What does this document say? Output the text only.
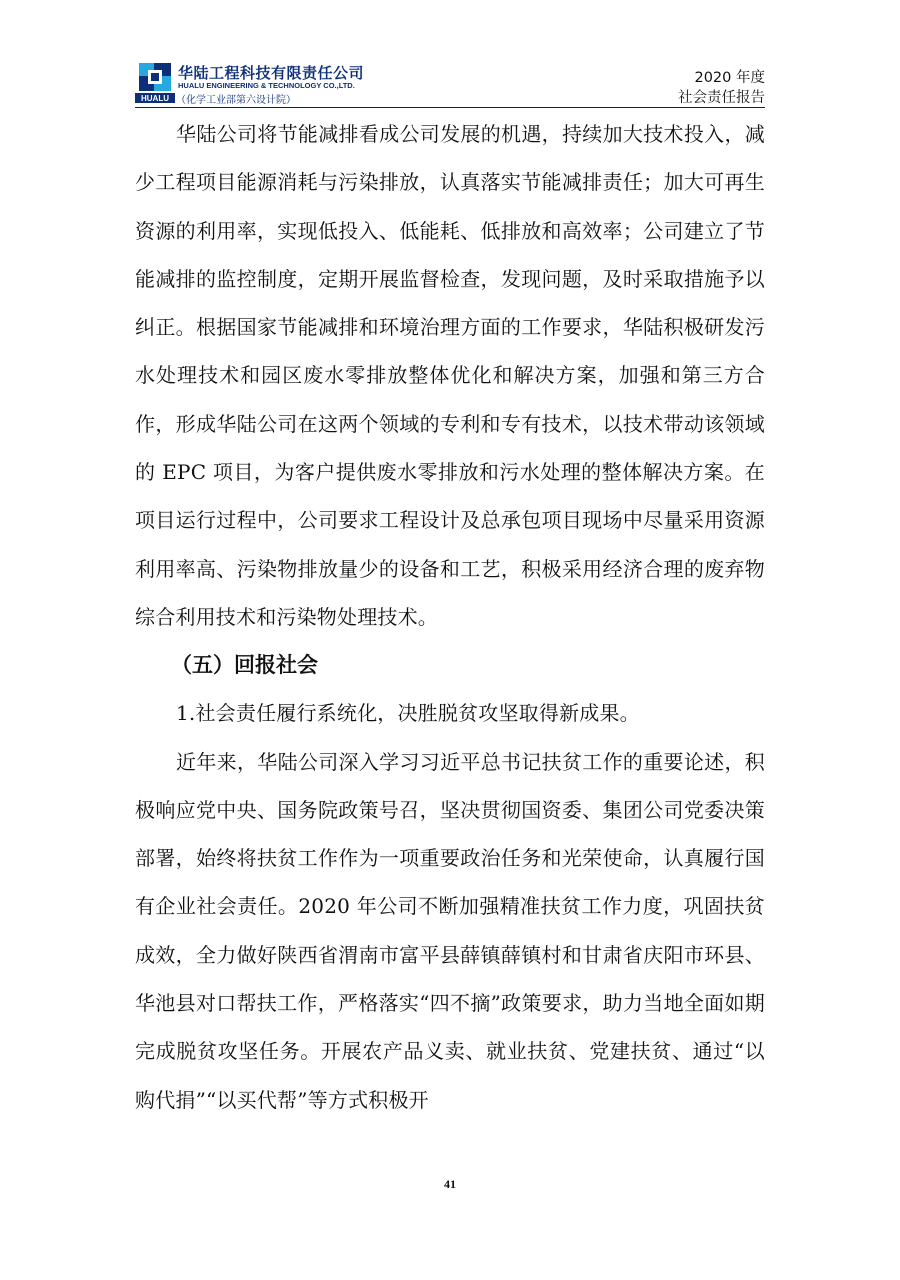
HUALU
华陆工程科技有限责任公司
HUALU ENGINEERING & TECHNOLOGY CO.,LTD.
（化学工业部第六设计院）
2020 年度
社会责任报告

华陆公司将节能减排看成公司发展的机遇，持续加大技术投入，减少工程项目能源消耗与污染排放，认真落实节能减排责任；加大可再生资源的利用率，实现低投入、低能耗、低排放和高效率；公司建立了节能减排的监控制度，定期开展监督检查，发现问题，及时采取措施予以纠正。根据国家节能减排和环境治理方面的工作要求，华陆积极研发污水处理技术和园区废水零排放整体优化和解决方案，加强和第三方合作，形成华陆公司在这两个领域的专利和专有技术，以技术带动该领域的 EPC 项目，为客户提供废水零排放和污水处理的整体解决方案。在项目运行过程中，公司要求工程设计及总承包项目现场中尽量采用资源利用率高、污染物排放量少的设备和工艺，积极采用经济合理的废弃物综合利用技术和污染物处理技术。

（五）回报社会

1.社会责任履行系统化，决胜脱贫攻坚取得新成果。

近年来，华陆公司深入学习习近平总书记扶贫工作的重要论述，积极响应党中央、国务院政策号召，坚决贯彻国资委、集团公司党委决策部署，始终将扶贫工作作为一项重要政治任务和光荣使命，认真履行国有企业社会责任。2020 年公司不断加强精准扶贫工作力度，巩固扶贫成效，全力做好陕西省渭南市富平县薛镇薛镇村和甘肃省庆阳市环县、华池县对口帮扶工作，严格落实“四不摘”政策要求，助力当地全面如期完成脱贫攻坚任务。开展农产品义卖、就业扶贫、党建扶贫、通过“以购代捐”“以买代帮”等方式积极开

41
